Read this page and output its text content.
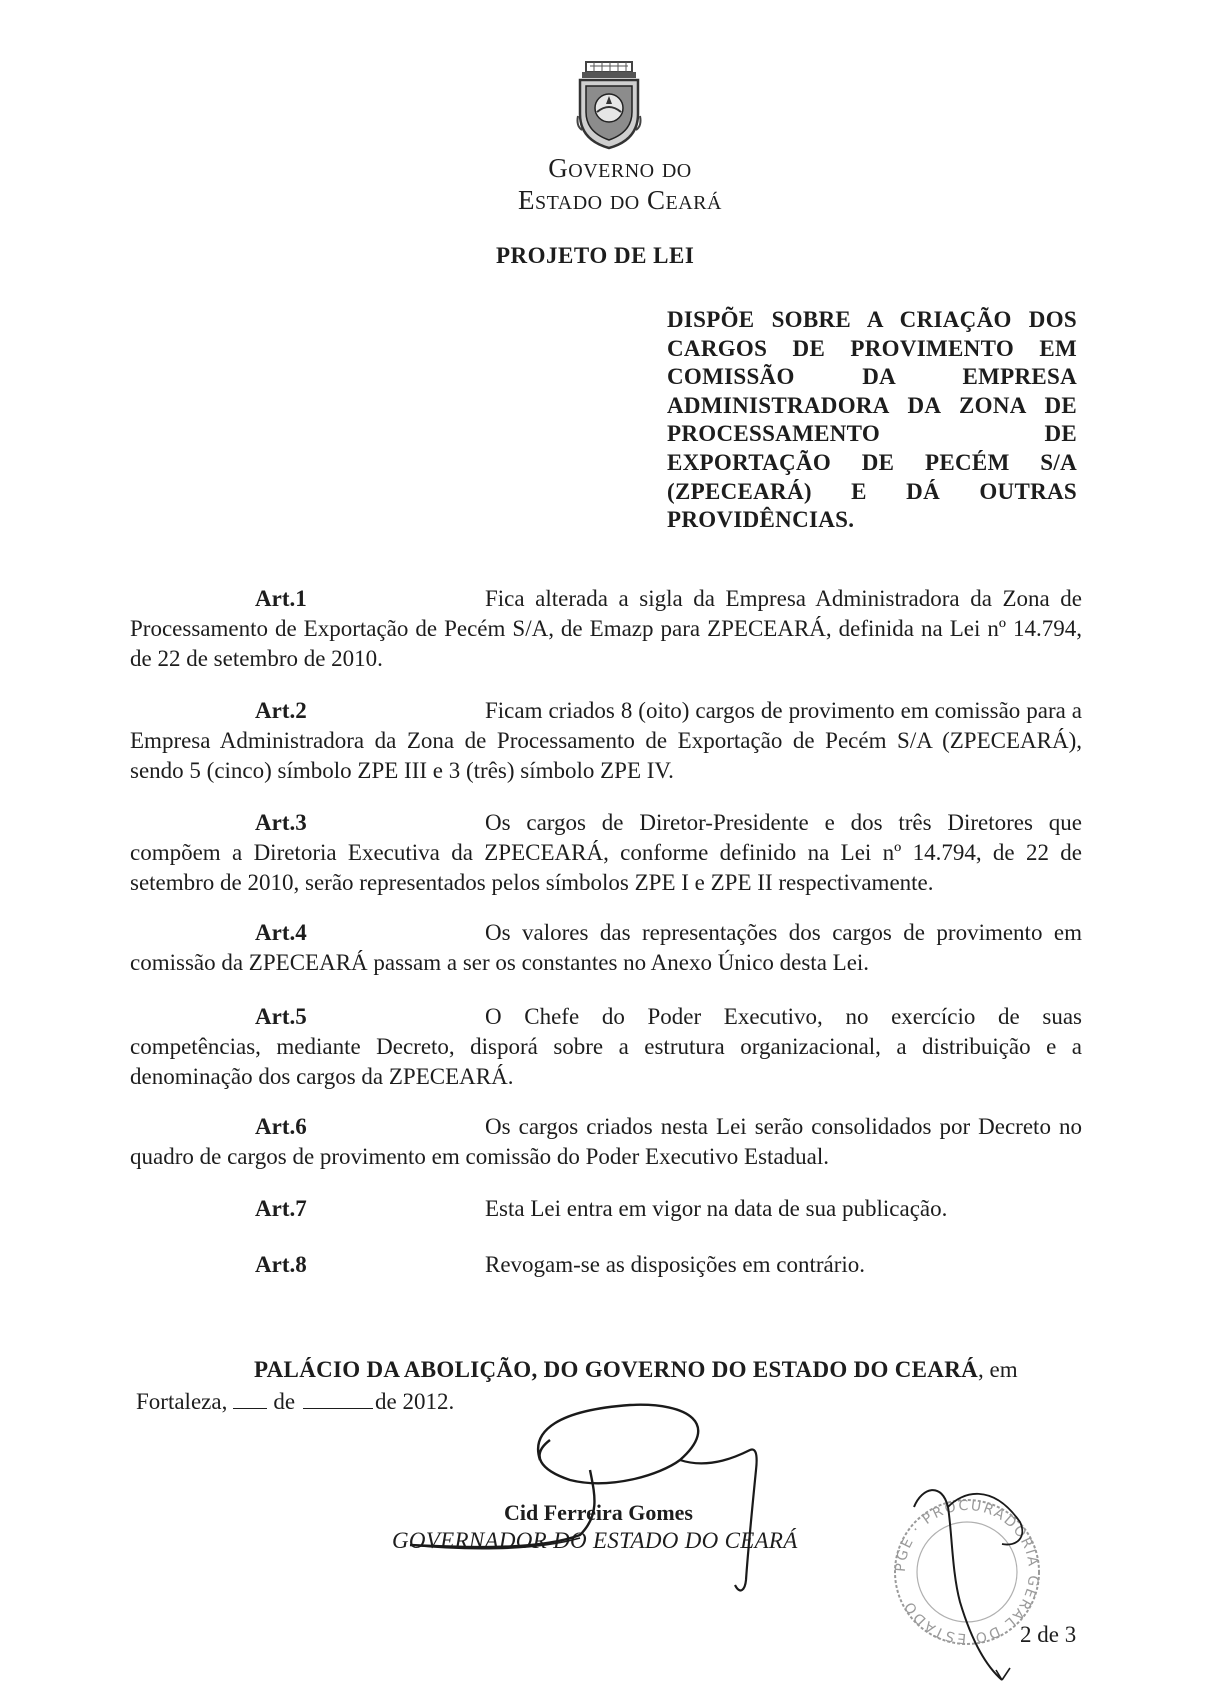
GOVERNO DO
ESTADO DO CEARÁ
PROJETO DE LEI
DISPÕE SOBRE A CRIAÇÃO DOS CARGOS DE PROVIMENTO EM COMISSÃO DA EMPRESA ADMINISTRADORA DA ZONA DE PROCESSAMENTO DE EXPORTAÇÃO DE PECÉM S/A (ZPECEARÁ) E DÁ OUTRAS PROVIDÊNCIAS.
Art.1	Fica alterada a sigla da Empresa Administradora da Zona de Processamento de Exportação de Pecém S/A, de Emazp para ZPECEARÁ, definida na Lei nº 14.794, de 22 de setembro de 2010.
Art.2	Ficam criados 8 (oito) cargos de provimento em comissão para a Empresa Administradora da Zona de Processamento de Exportação de Pecém S/A (ZPECEARÁ), sendo 5 (cinco) símbolo ZPE III e 3 (três) símbolo ZPE IV.
Art.3	Os cargos de Diretor-Presidente e dos três Diretores que compõem a Diretoria Executiva da ZPECEARÁ, conforme definido na Lei nº 14.794, de 22 de setembro de 2010, serão representados pelos símbolos ZPE I e ZPE II respectivamente.
Art.4	Os valores das representações dos cargos de provimento em comissão da ZPECEARÁ passam a ser os constantes no Anexo Único desta Lei.
Art.5	O Chefe do Poder Executivo, no exercício de suas competências, mediante Decreto, disporá sobre a estrutura organizacional, a distribuição e a denominação dos cargos da ZPECEARÁ.
Art.6	Os cargos criados nesta Lei serão consolidados por Decreto no quadro de cargos de provimento em comissão do Poder Executivo Estadual.
Art.7	Esta Lei entra em vigor na data de sua publicação.
Art.8	Revogam-se as disposições em contrário.
PALÁCIO DA ABOLIÇÃO, DO GOVERNO DO ESTADO DO CEARÁ, em
Fortaleza, de	de 2012.
Cid Ferreira Gomes
GOVERNADOR DO ESTADO DO CEARÁ
PGE · PROCURADORIA GERAL DO ESTADO
2 de 3
